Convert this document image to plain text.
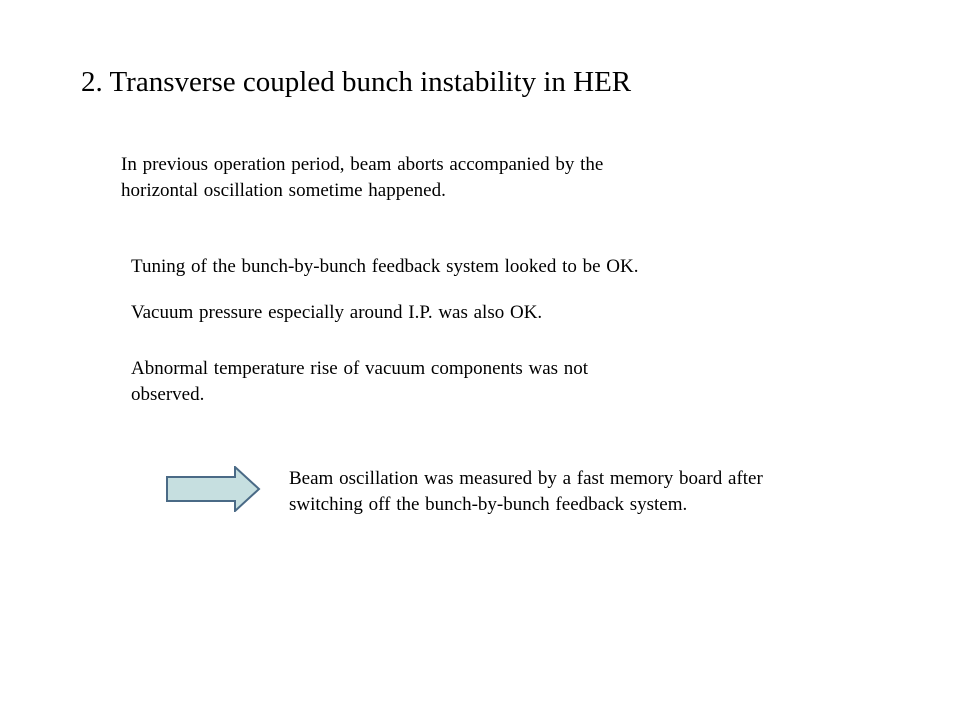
2. Transverse coupled bunch instability in HER
In previous operation period, beam aborts accompanied by the
horizontal oscillation sometime happened.
Tuning of the bunch-by-bunch feedback system looked to be OK.
Vacuum pressure especially around I.P. was also OK.
Abnormal temperature rise of vacuum components was not
observed.
Beam oscillation was measured by a fast memory board after
switching off the bunch-by-bunch feedback system.
